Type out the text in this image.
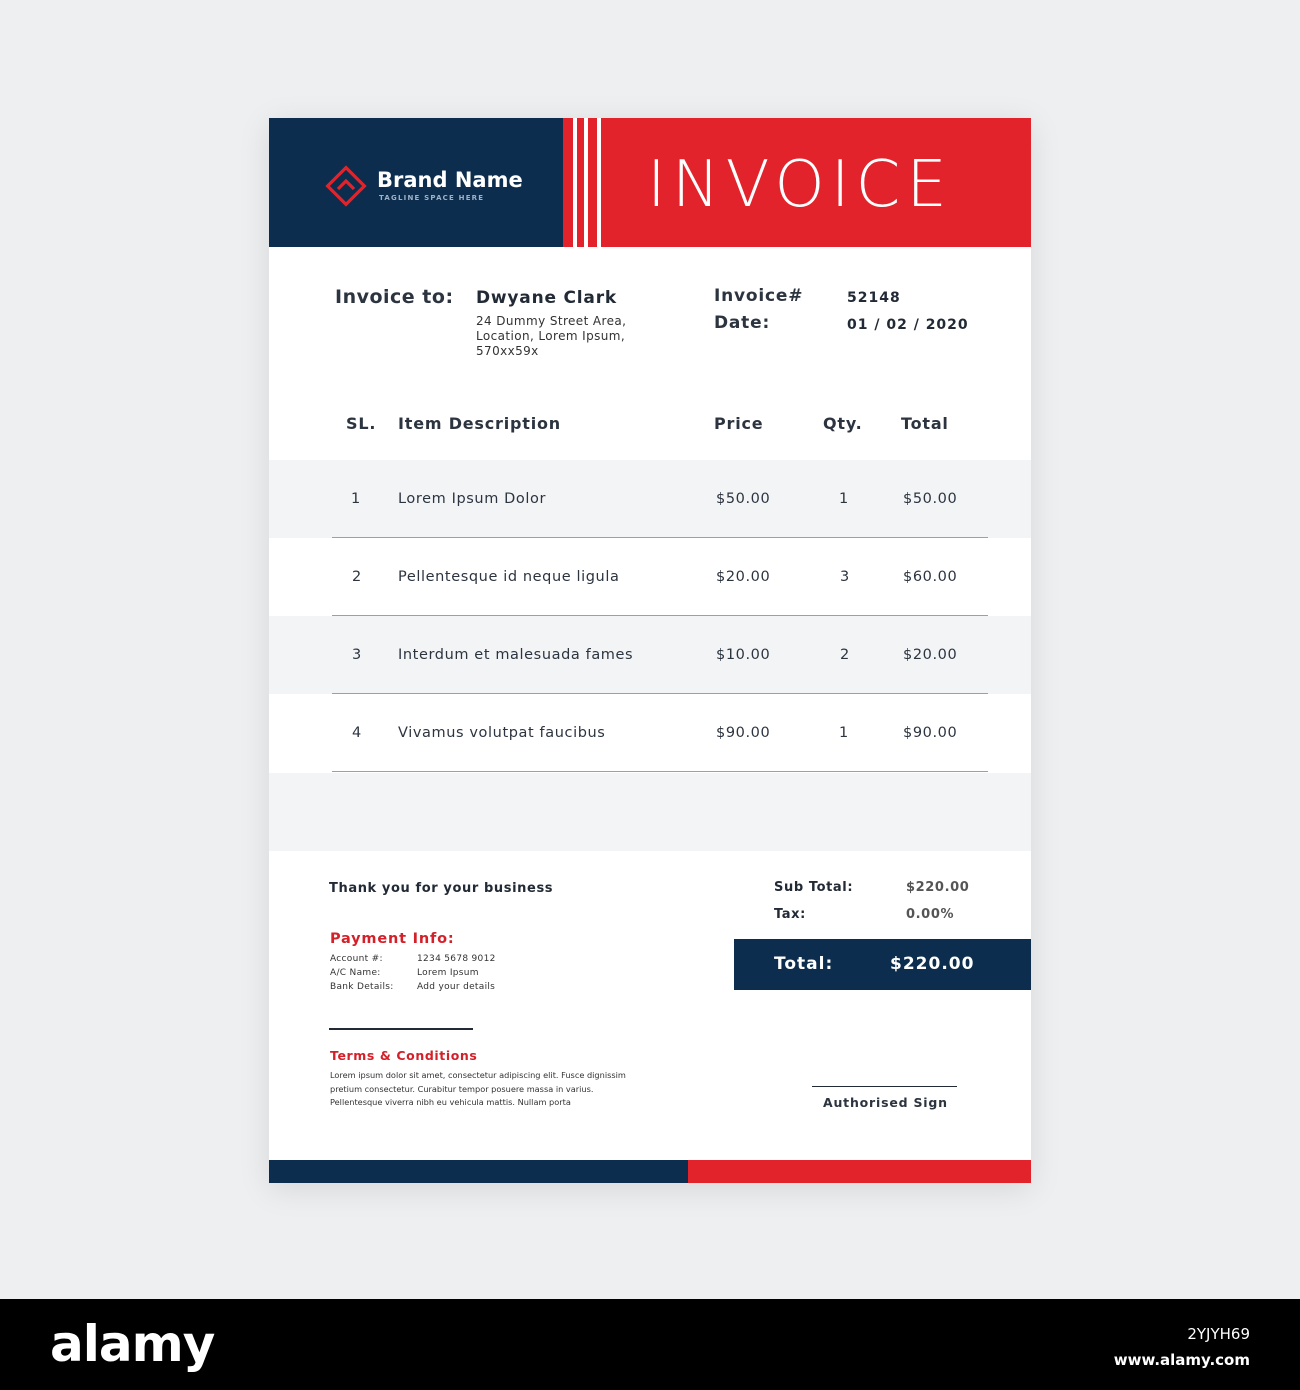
Brand Name
TAGLINE SPACE HERE	INVOICE
Invoice to: Dwyane Clark
24 Dummy Street Area,
Location, Lorem Ipsum,
570xx59x
Invoice#	52148
Date:	01 / 02 / 2020
SL. Item Description	Price	Qty. Total
1	Lorem Ipsum Dolor	$50.00	1	$50.00
2 Pellentesque id neque ligula	$20.00	3	$60.00
3 Interdum et malesuada fames	$10.00	2	$20.00
4 Vivamus volutpat faucibus	$90.00	1	$90.00
Thank you for your business
Payment Info:
Account #:	1234 5678 9012
A/C Name:	Lorem Ipsum
Bank Details:	Add your details
Terms & Conditions
Lorem ipsum dolor sit amet, consectetur adipiscing elit. Fusce dignissim pretium consectetur. Curabitur tempor posuere massa in varius. Pellentesque viverra nibh eu vehicula mattis. Nullam porta
Sub Total:	$220.00
Tax:	0.00%
Total:	$220.00
Authorised Sign
alamy	2YJYH69
www.alamy.com
